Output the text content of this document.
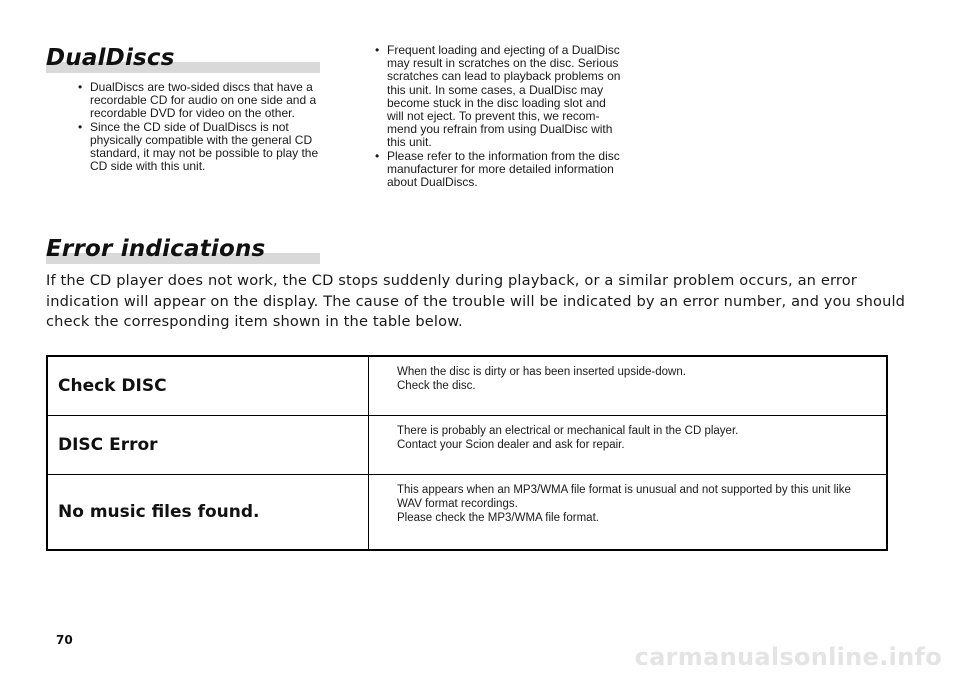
DualDiscs
• DualDiscs are two-sided discs that have a recordable CD for audio on one side and a recordable DVD for video on the other.
• Since the CD side of DualDiscs is not physically compatible with the general CD standard, it may not be possible to play the CD side with this unit.
• Frequent loading and ejecting of a DualDisc may result in scratches on the disc. Serious scratches can lead to playback problems on this unit. In some cases, a DualDisc may become stuck in the disc loading slot and will not eject. To prevent this, we recom- mend you refrain from using DualDisc with this unit.
• Please refer to the information from the disc manufacturer for more detailed information about DualDiscs.
Error indications

If the CD player does not work, the CD stops suddenly during playback, or a similar problem occurs, an error indication will appear on the display. The cause of the trouble will be indicated by an error number, and you should check the corresponding item shown in the table below.

Check DISC	When the disc is dirty or has been inserted upside-down.
Check the disc.

DISC Error	There is probably an electrical or mechanical fault in the CD player.
Contact your Scion dealer and ask for repair.

No music files found.	This appears when an MP3/WMA file format is unusual and not supported by this unit like WAV format recordings.
Please check the MP3/WMA file format.
70
carmanualsonline.info
